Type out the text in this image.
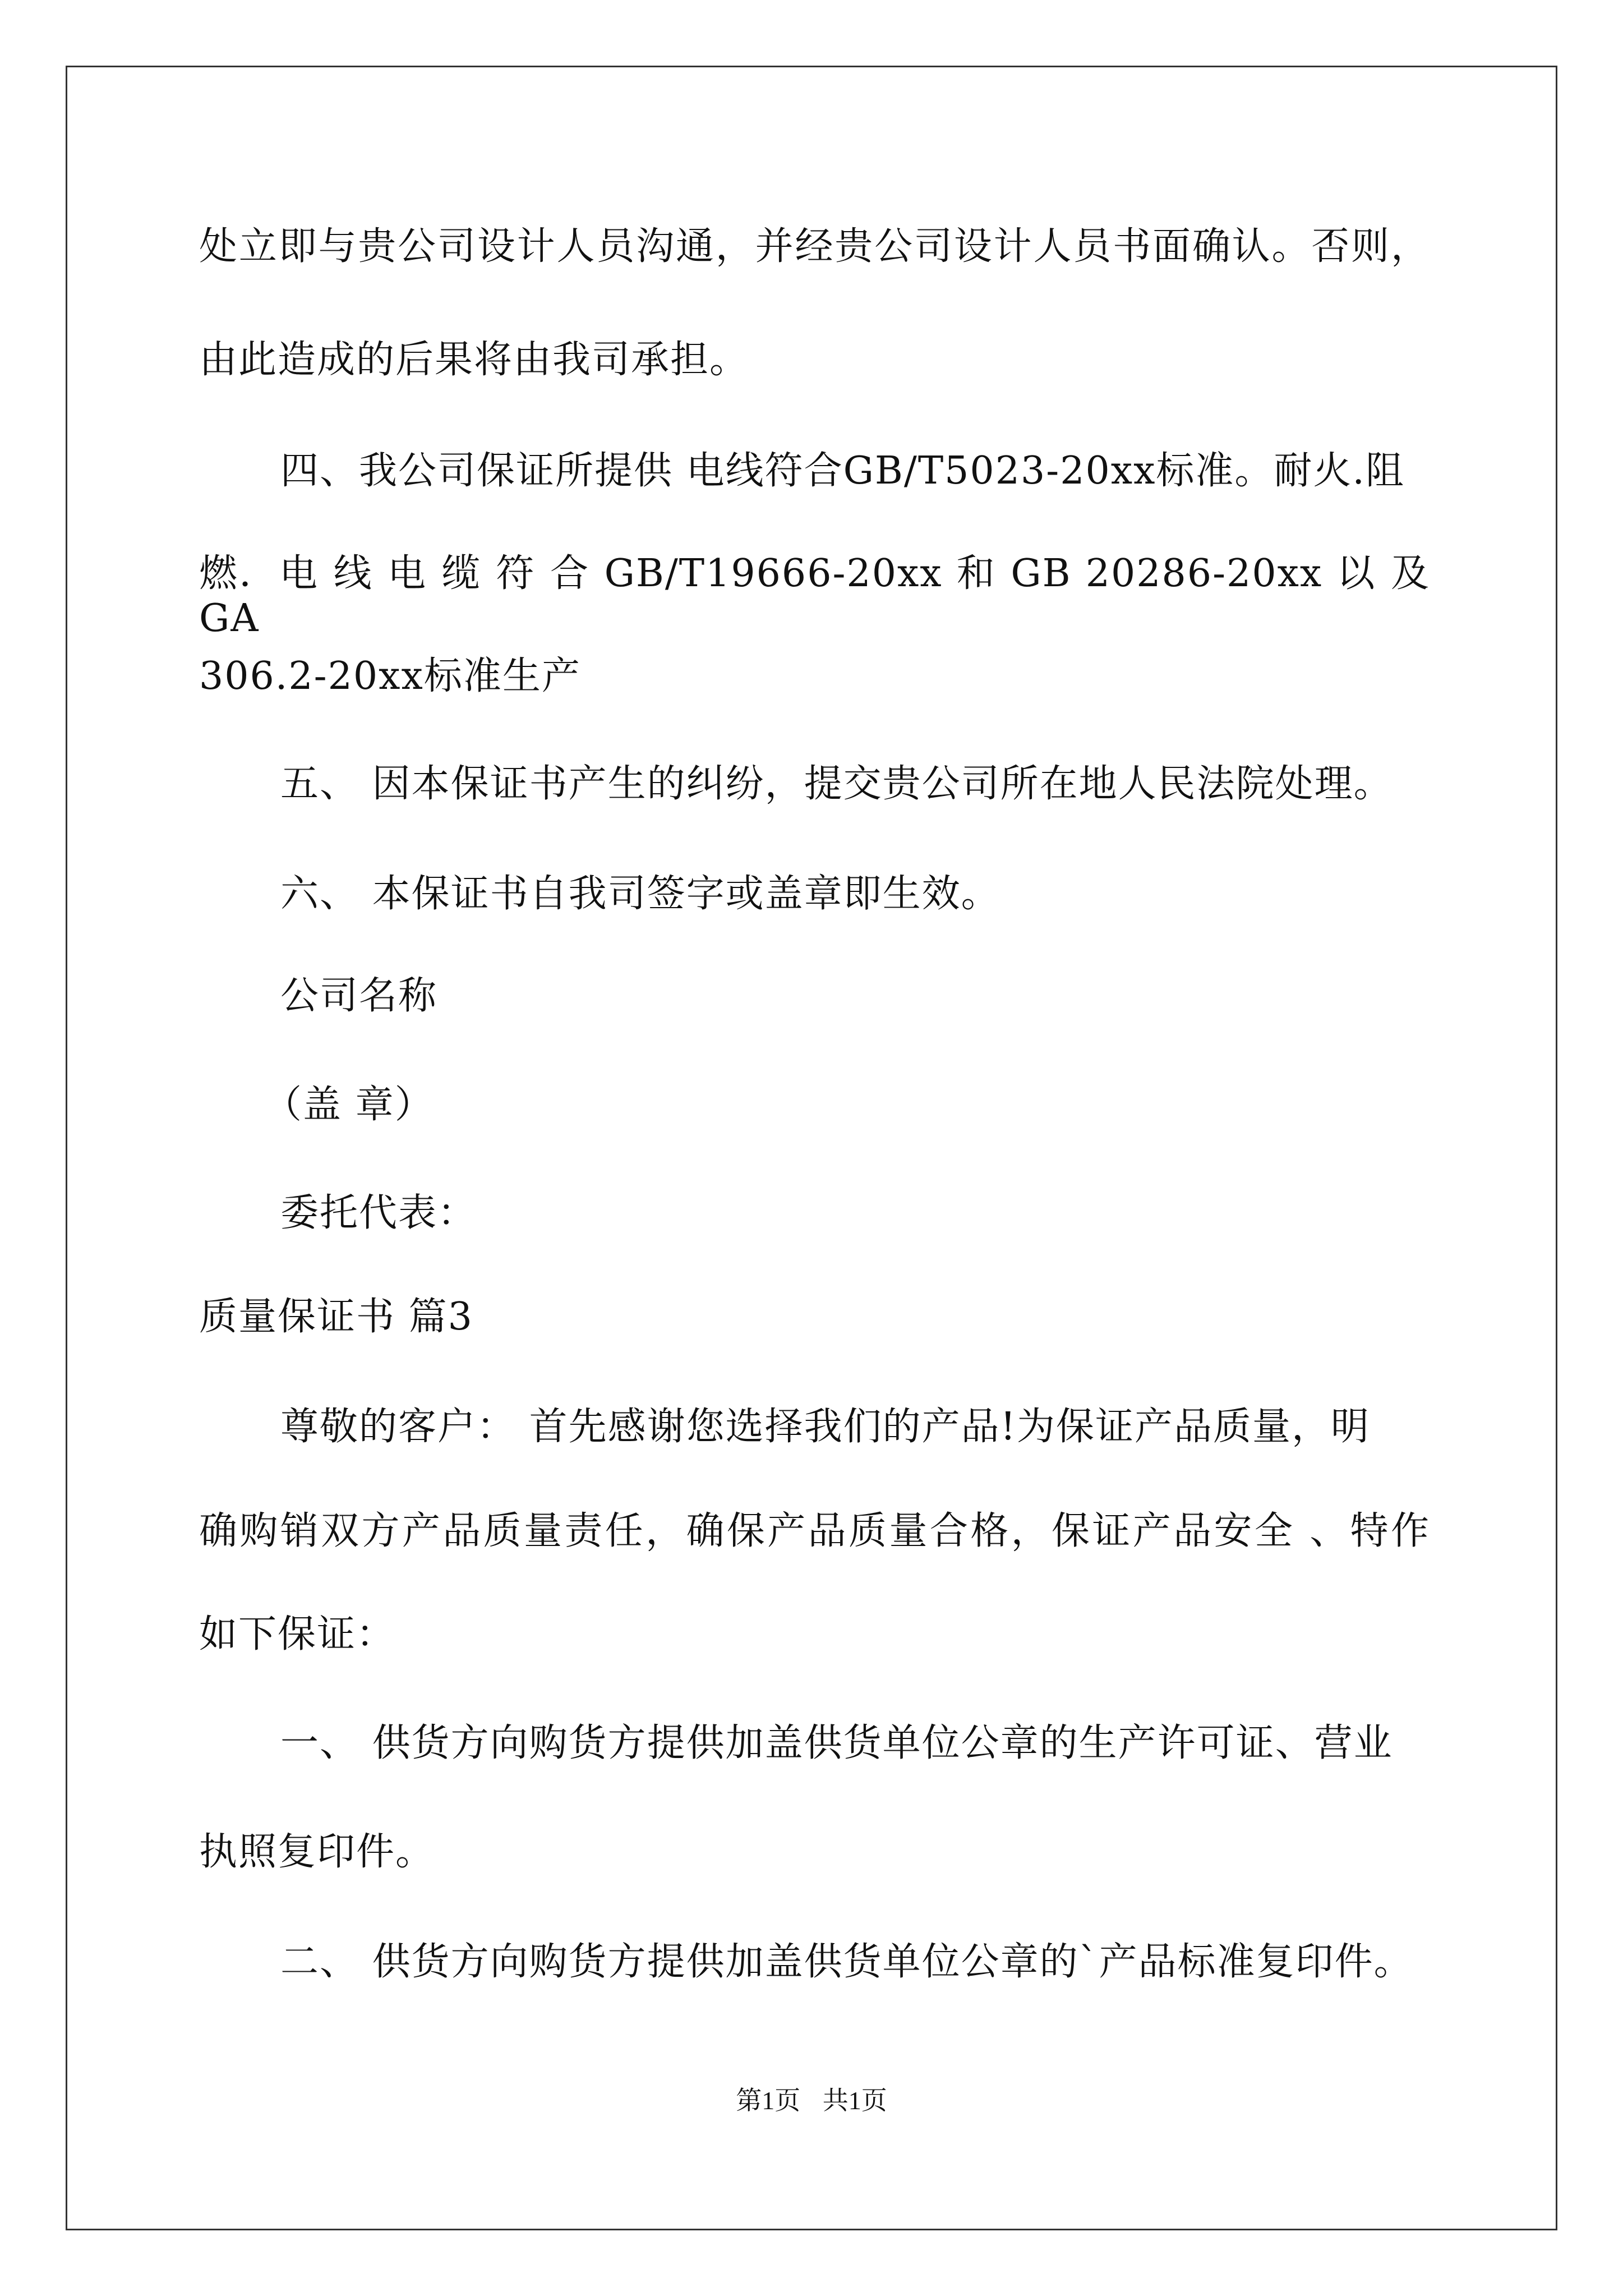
处立即与贵公司设计人员沟通，并经贵公司设计人员书面确认。否则，
由此造成的后果将由我司承担。
四、我公司保证所提供 电线符合GB/T5023-20xx标准。耐火.阻
燃．电 线 电 缆 符 合 GB/T19666-20xx 和 GB 20286-20xx 以 及 GA
306.2-20xx标准生产
五、 因本保证书产生的纠纷，提交贵公司所在地人民法院处理。
六、 本保证书自我司签字或盖章即生效。
公司名称
（盖 章）
委托代表：
质量保证书 篇3
尊敬的客户： 首先感谢您选择我们的产品!为保证产品质量，明
确购销双方产品质量责任，确保产品质量合格，保证产品安全 、特作
如下保证：
一、 供货方向购货方提供加盖供货单位公章的生产许可证、营业
执照复印件。
二、 供货方向购货方提供加盖供货单位公章的`产品标准复印件。
第1页 共1页
